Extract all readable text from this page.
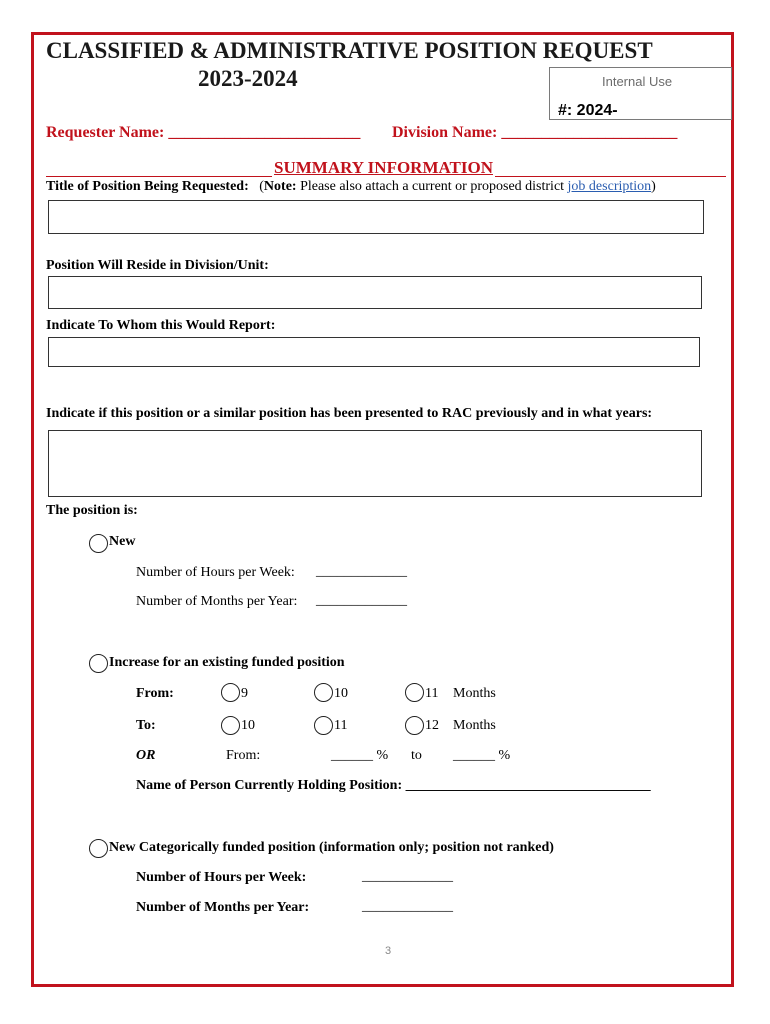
CLASSIFIED & ADMINISTRATIVE POSITION REQUEST
2023-2024	Internal Use
#: 2024-
Requester Name: ________________________ Division Name: ______________________
SUMMARY INFORMATION
Title of Position Being Requested: (Note: Please also attach a current or proposed district job description)
Position Will Reside in Division/Unit:
Indicate To Whom this Would Report:
Indicate if this position or a similar position has been presented to RAC previously and in what years:
The position is:
New
Number of Hours per Week: _____________
Number of Months per Year: _____________
Increase for an existing funded position
From:	9	10	11 Months
To:	10	11	12 Months
OR	From:	______ % to ______ %
Name of Person Currently Holding Position: ___________________________________
New Categorically funded position (information only; position not ranked)
Number of Hours per Week:	_____________
Number of Months per Year:	_____________
3
